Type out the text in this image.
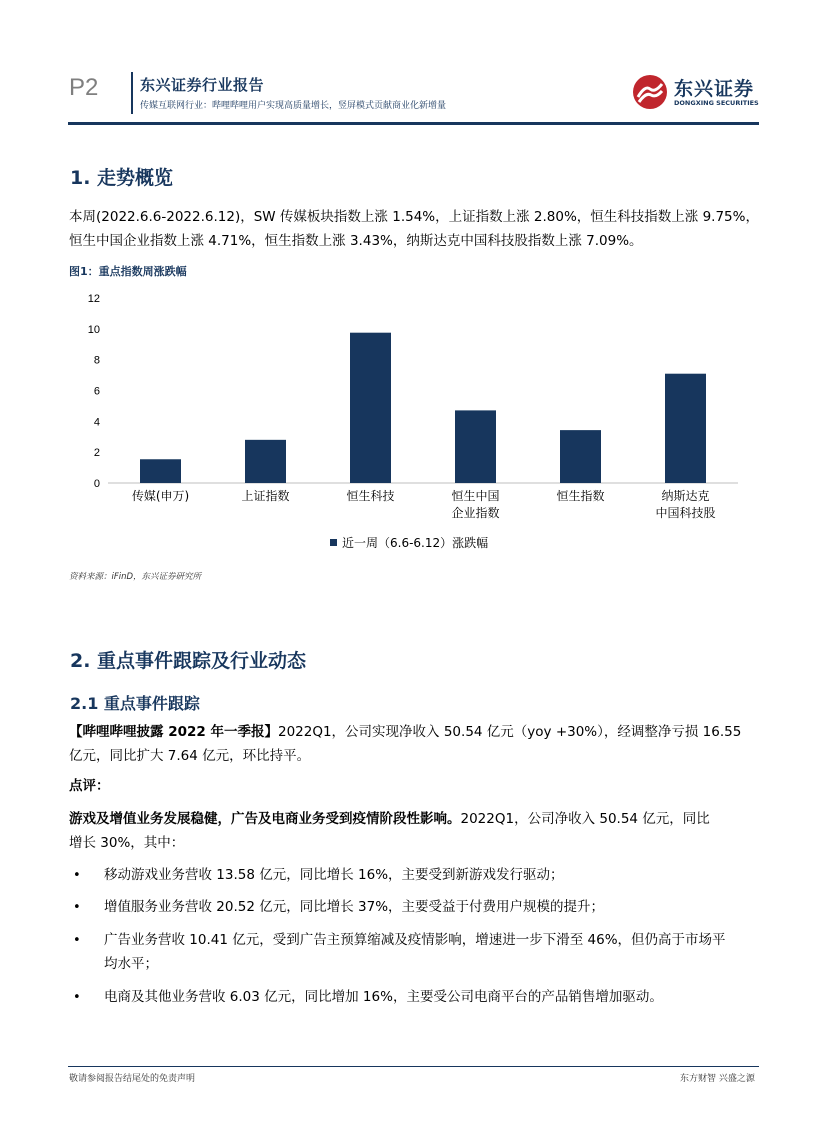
P2	东兴证券行业报告
传媒互联网行业：哔哩哔哩用户实现高质量增长，竖屏模式贡献商业化新增量
东兴证券
DONGXING SECURITIES
1. 走势概览
本周(2022.6.6-2022.6.12)，SW 传媒板块指数上涨 1.54%，上证指数上涨 2.80%，恒生科技指数上涨 9.75%，
恒生中国企业指数上涨 4.71%，恒生指数上涨 3.43%，纳斯达克中国科技股指数上涨 7.09%。
图1：重点指数周涨跌幅
0
2
4
6
8
10
12
传媒(申万)	上证指数	恒生科技	恒生中国
企业指数
恒生指数	纳斯达克
中国科技股
近一周（6.6-6.12）涨跌幅
资料来源：iFinD，东兴证券研究所
2. 重点事件跟踪及行业动态
2.1 重点事件跟踪
【哔哩哔哩披露 2022 年一季报】2022Q1，公司实现净收入 50.54 亿元（yoy +30%），经调整净亏损 16.55
亿元，同比扩大 7.64 亿元，环比持平。
点评：
游戏及增值业务发展稳健，广告及电商业务受到疫情阶段性影响。2022Q1，公司净收入 50.54 亿元，同比
增长 30%，其中：
• 移动游戏业务营收 13.58 亿元，同比增长 16%，主要受到新游戏发行驱动；
• 增值服务业务营收 20.52 亿元，同比增长 37%，主要受益于付费用户规模的提升；
• 广告业务营收 10.41 亿元，受到广告主预算缩减及疫情影响，增速进一步下滑至 46%，但仍高于市场平
均水平；
• 电商及其他业务营收 6.03 亿元，同比增加 16%，主要受公司电商平台的产品销售增加驱动。
敬请参阅报告结尾处的免责声明	东方财智 兴盛之源
